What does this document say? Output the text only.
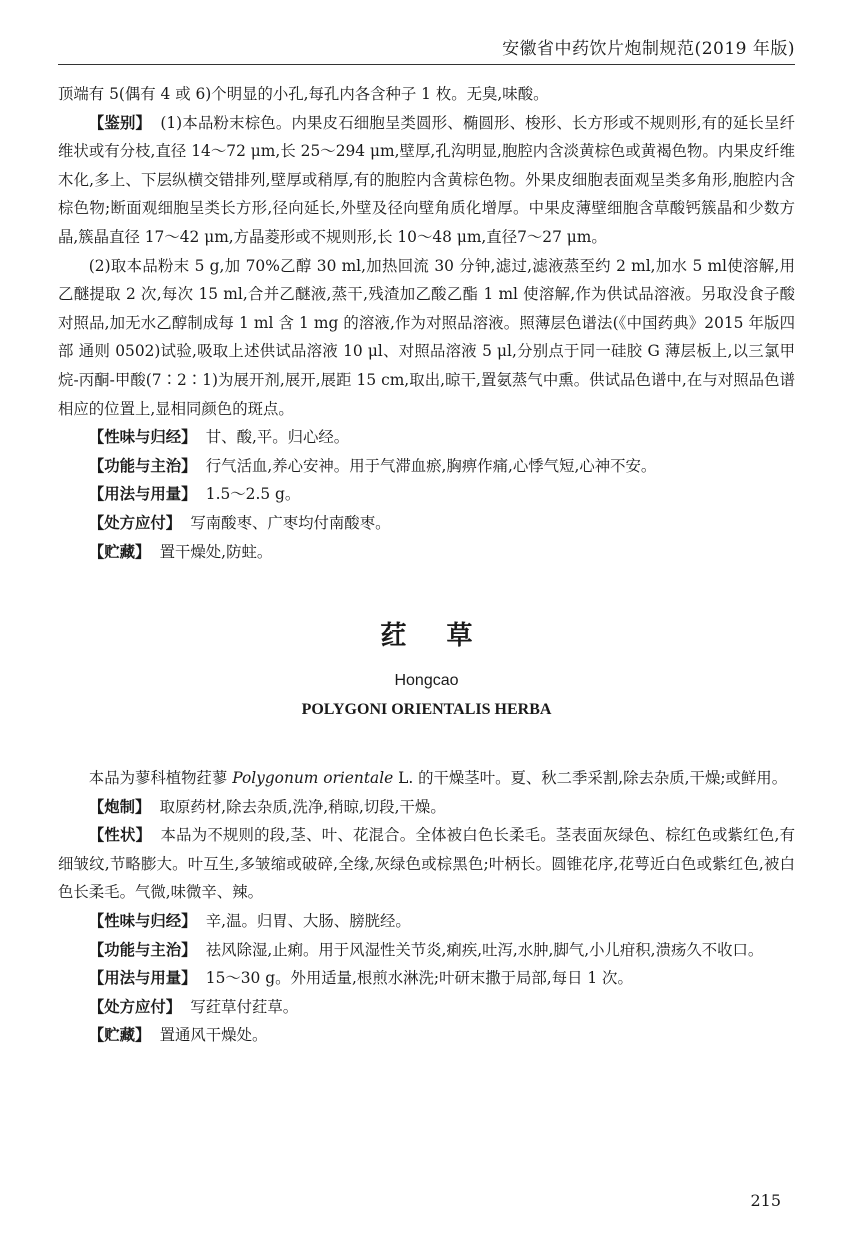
安徽省中药饮片炮制规范(2019 年版)

顶端有 5(偶有 4 或 6)个明显的小孔,每孔内各含种子 1 枚。无臭,味酸。

【鉴别】 (1)本品粉末棕色。内果皮石细胞呈类圆形、椭圆形、梭形、长方形或不规则形,有的延长呈纤维状或有分枝,直径 14～72 μm,长 25～294 μm,壁厚,孔沟明显,胞腔内含淡黄棕色或黄褐色物。内果皮纤维木化,多上、下层纵横交错排列,壁厚或稍厚,有的胞腔内含黄棕色物。外果皮细胞表面观呈类多角形,胞腔内含棕色物;断面观细胞呈类长方形,径向延长,外壁及径向壁角质化增厚。中果皮薄壁细胞含草酸钙簇晶和少数方晶,簇晶直径 17～42 μm,方晶菱形或不规则形,长 10～48 μm,直径7～27 μm。

(2)取本品粉末 5 g,加 70%乙醇 30 ml,加热回流 30 分钟,滤过,滤液蒸至约 2 ml,加水 5 ml使溶解,用乙醚提取 2 次,每次 15 ml,合并乙醚液,蒸干,残渣加乙酸乙酯 1 ml 使溶解,作为供试品溶液。另取没食子酸对照品,加无水乙醇制成每 1 ml 含 1 mg 的溶液,作为对照品溶液。照薄层色谱法(《中国药典》2015 年版四部 通则 0502)试验,吸取上述供试品溶液 10 μl、对照品溶液 5 μl,分别点于同一硅胶 G 薄层板上,以三氯甲烷-丙酮-甲酸(7∶2∶1)为展开剂,展开,展距 15 cm,取出,晾干,置氨蒸气中熏。供试品色谱中,在与对照品色谱相应的位置上,显相同颜色的斑点。

【性味与归经】 甘、酸,平。归心经。

【功能与主治】 行气活血,养心安神。用于气滞血瘀,胸痹作痛,心悸气短,心神不安。

【用法与用量】 1.5～2.5 g。

【处方应付】 写南酸枣、广枣均付南酸枣。

【贮藏】 置干燥处,防蛀。

荭草
Hongcao
POLYGONI ORIENTALIS HERBA

本品为蓼科植物荭蓼 Polygonum orientale L. 的干燥茎叶。夏、秋二季采割,除去杂质,干燥;或鲜用。

【炮制】 取原药材,除去杂质,洗净,稍晾,切段,干燥。

【性状】 本品为不规则的段,茎、叶、花混合。全体被白色长柔毛。茎表面灰绿色、棕红色或紫红色,有细皱纹,节略膨大。叶互生,多皱缩或破碎,全缘,灰绿色或棕黑色;叶柄长。圆锥花序,花萼近白色或紫红色,被白色长柔毛。气微,味微辛、辣。

【性味与归经】 辛,温。归胃、大肠、膀胱经。

【功能与主治】 祛风除湿,止痢。用于风湿性关节炎,痢疾,吐泻,水肿,脚气,小儿疳积,溃疡久不收口。

【用法与用量】 15～30 g。外用适量,根煎水淋洗;叶研末撒于局部,每日 1 次。

【处方应付】 写荭草付荭草。

【贮藏】 置通风干燥处。

215
